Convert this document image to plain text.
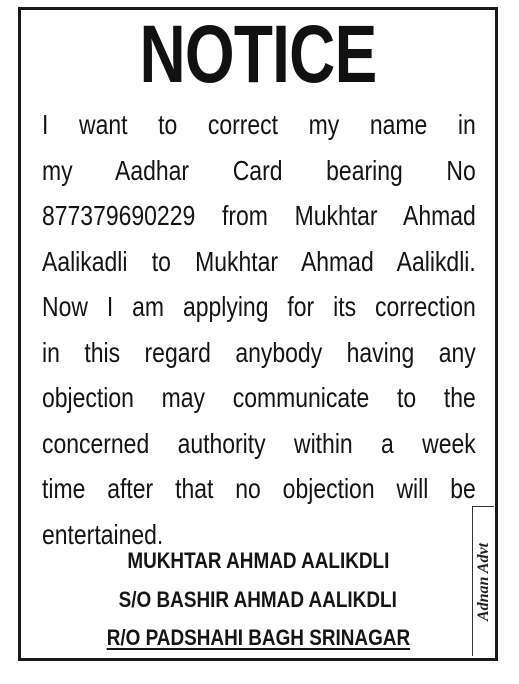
NOTICE
I want to correct my name in
my Aadhar Card bearing No
877379690229 from Mukhtar Ahmad
Aalikadli to Mukhtar Ahmad Aalikdli.
Now I am applying for its correction
in this regard anybody having any
objection may communicate to the
concerned authority within a week
time after that no objection will be
entertained.
MUKHTAR AHMAD AALIKDLI
S/O BASHIR AHMAD AALIKDLI
R/O PADSHAHI BAGH SRINAGAR
Adnan Advt
